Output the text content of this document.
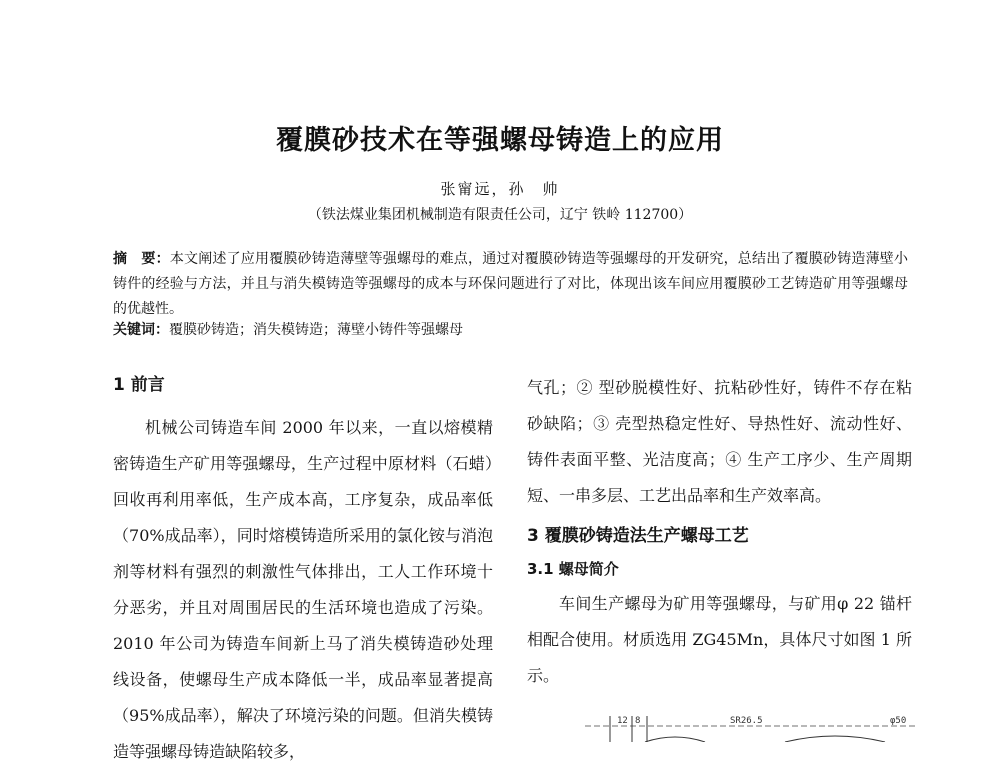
覆膜砂技术在等强螺母铸造上的应用
张甯远，孙　帅
（铁法煤业集团机械制造有限责任公司，辽宁 铁岭 112700）
摘　要：本文阐述了应用覆膜砂铸造薄壁等强螺母的难点，通过对覆膜砂铸造等强螺母的开发研究，总结出了覆膜砂铸造薄壁小铸件的经验与方法，并且与消失模铸造等强螺母的成本与环保问题进行了对比，体现出该车间应用覆膜砂工艺铸造矿用等强螺母的优越性。
关键词：覆膜砂铸造；消失模铸造；薄壁小铸件等强螺母
1 前言
机械公司铸造车间 2000 年以来，一直以熔模精密铸造生产矿用等强螺母，生产过程中原材料（石蜡）回收再利用率低，生产成本高，工序复杂，成品率低（70%成品率），同时熔模铸造所采用的氯化铵与消泡剂等材料有强烈的刺激性气体排出，工人工作环境十分恶劣，并且对周围居民的生活环境也造成了污染。2010 年公司为铸造车间新上马了消失模铸造砂处理线设备，使螺母生产成本降低一半，成品率显著提高（95%成品率），解决了环境污染的问题。但消失模铸造等强螺母铸造缺陷较多，
气孔；② 型砂脱模性好、抗粘砂性好，铸件不存在粘砂缺陷；③ 壳型热稳定性好、导热性好、流动性好、铸件表面平整、光洁度高；④ 生产工序少、生产周期短、一串多层、工艺出品率和生产效率高。
3 覆膜砂铸造法生产螺母工艺
3.1 螺母简介
车间生产螺母为矿用等强螺母，与矿用φ 22 锚杆相配合使用。材质选用 ZG45Mn，具体尺寸如图 1 所示。
12 8	SR26.5	φ50
